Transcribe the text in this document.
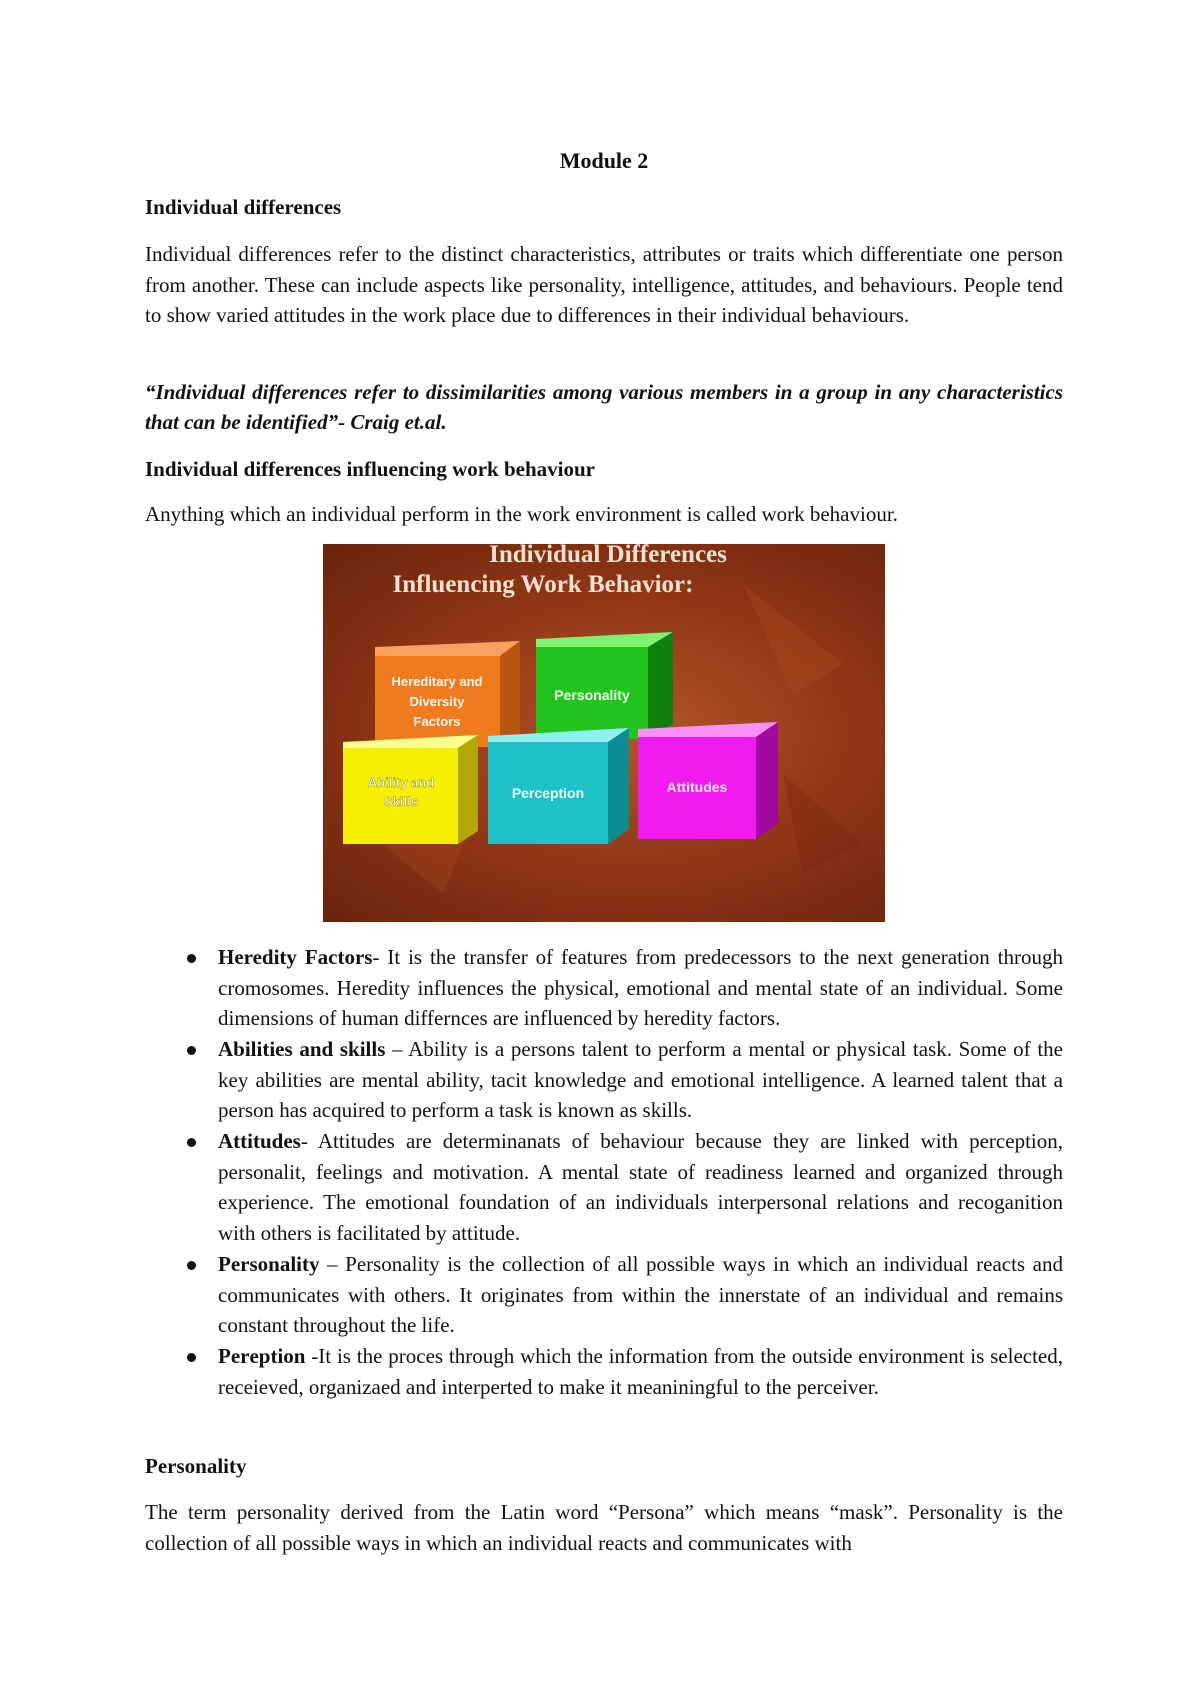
Module 2
Individual differences
Individual differences refer to the distinct characteristics, attributes or traits which differentiate one person from another. These can include aspects like personality, intelligence, attitudes, and behaviours. People tend to show varied attitudes in the work place due to differences in their individual behaviours.
“Individual differences refer to dissimilarities among various members in a group in any characteristics that can be identified”- Craig et.al.
Individual differences influencing work behaviour
Anything which an individual perform in the work environment is called work behaviour.
Individual Differences
Influencing Work Behavior:
Hereditary and
Diversity
Factors
Personality
Ability and
Skills
Perception	Attitudes
Heredity Factors- It is the transfer of features from predecessors to the next generation through cromosomes. Heredity influences the physical, emotional and mental state of an individual. Some dimensions of human differnces are influenced by heredity factors.
Abilities and skills – Ability is a persons talent to perform a mental or physical task. Some of the key abilities are mental ability, tacit knowledge and emotional intelligence. A learned talent that a person has acquired to perform a task is known as skills.
Attitudes- Attitudes are determinanats of behaviour because they are linked with perception, personalit, feelings and motivation. A mental state of readiness learned and organized through experience. The emotional foundation of an individuals interpersonal relations and recoganition with others is facilitated by attitude.
Personality – Personality is the collection of all possible ways in which an individual reacts and communicates with others. It originates from within the innerstate of an individual and remains constant throughout the life.
Perеption -It is the proces through which the information from the outside environment is selected, receieved, organizaed and interperted to make it meaniningful to the perceiver.
Personality
The term personality derived from the Latin word “Persona” which means “mask”. Personality is the collection of all possible ways in which an individual reacts and communicates with
